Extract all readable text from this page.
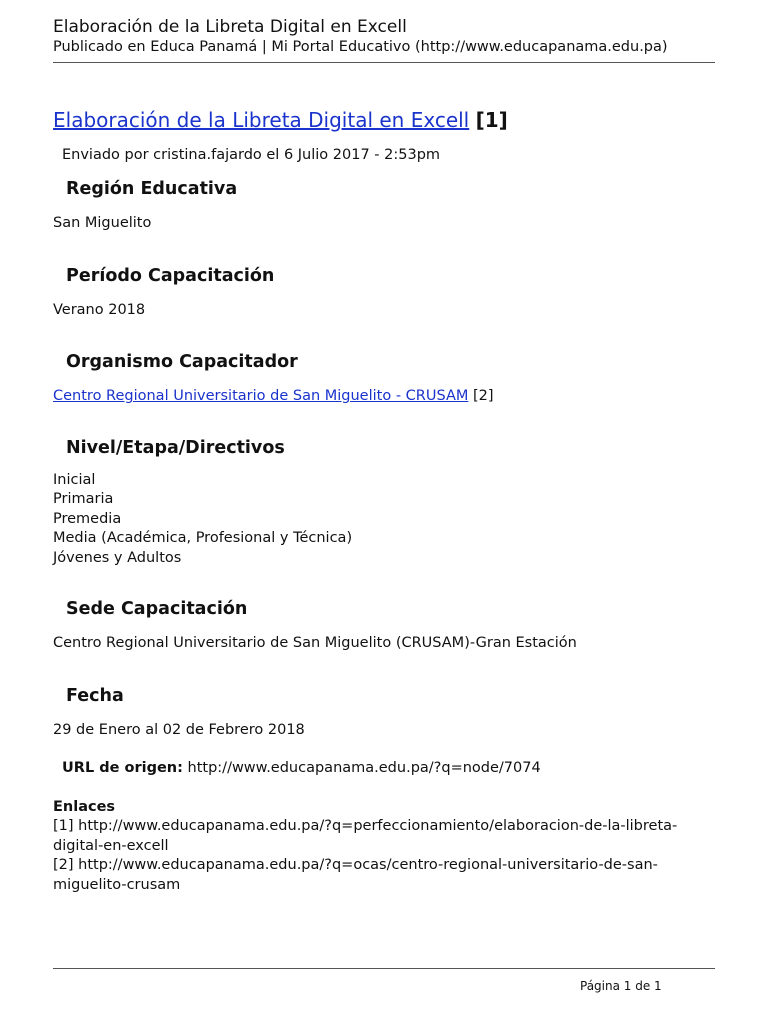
Elaboración de la Libreta Digital en Excell

Publicado en Educa Panamá | Mi Portal Educativo (http://www.educapanama.edu.pa)

Elaboración de la Libreta Digital en Excell [1]
Enviado por cristina.fajardo el 6 Julio 2017 - 2:53pm

Región Educativa

San Miguelito

Período Capacitación

Verano 2018

Organismo Capacitador

Centro Regional Universitario de San Miguelito - CRUSAM [2]

Nivel/Etapa/Directivos

Inicial
Primaria
Premedia
Media (Académica, Profesional y Técnica)
Jóvenes y Adultos

Sede Capacitación

Centro Regional Universitario de San Miguelito (CRUSAM)-Gran Estación

Fecha

29 de Enero al 02 de Febrero 2018
URL de origen: http://www.educapanama.edu.pa/?q=node/7074
Enlaces
[1] http://www.educapanama.edu.pa/?q=perfeccionamiento/elaboracion-de-la-libreta-digital-en-excell
[2] http://www.educapanama.edu.pa/?q=ocas/centro-regional-universitario-de-san-miguelito-crusam
Página 1 de 1
